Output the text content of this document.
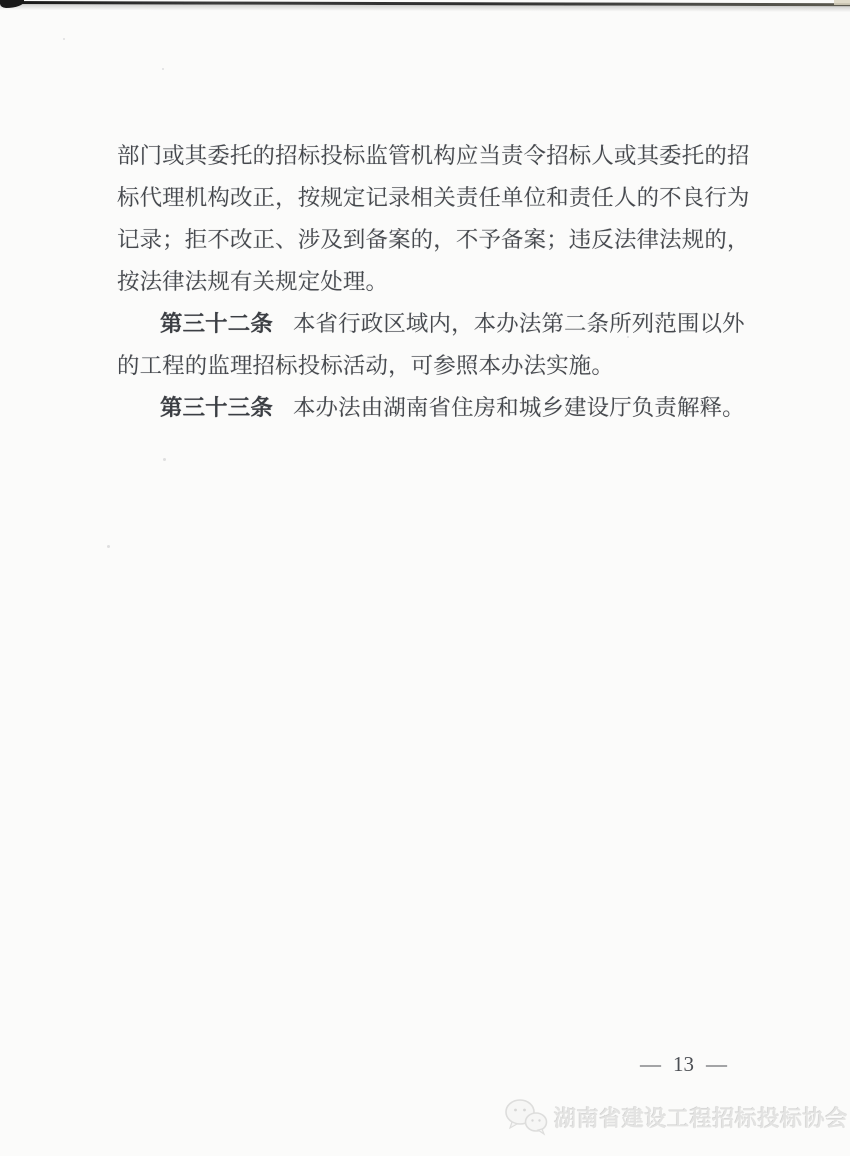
部门或其委托的招标投标监管机构应当责令招标人或其委托的招
标代理机构改正，按规定记录相关责任单位和责任人的不良行为
记录；拒不改正、涉及到备案的，不予备案；违反法律法规的，
按法律法规有关规定处理。
第三十二条 本省行政区域内，本办法第二条所列范围以外
的工程的监理招标投标活动，可参照本办法实施。
第三十三条 本办法由湖南省住房和城乡建设厅负责解释。
— 13 —
湖南省建设工程招标投标协会
